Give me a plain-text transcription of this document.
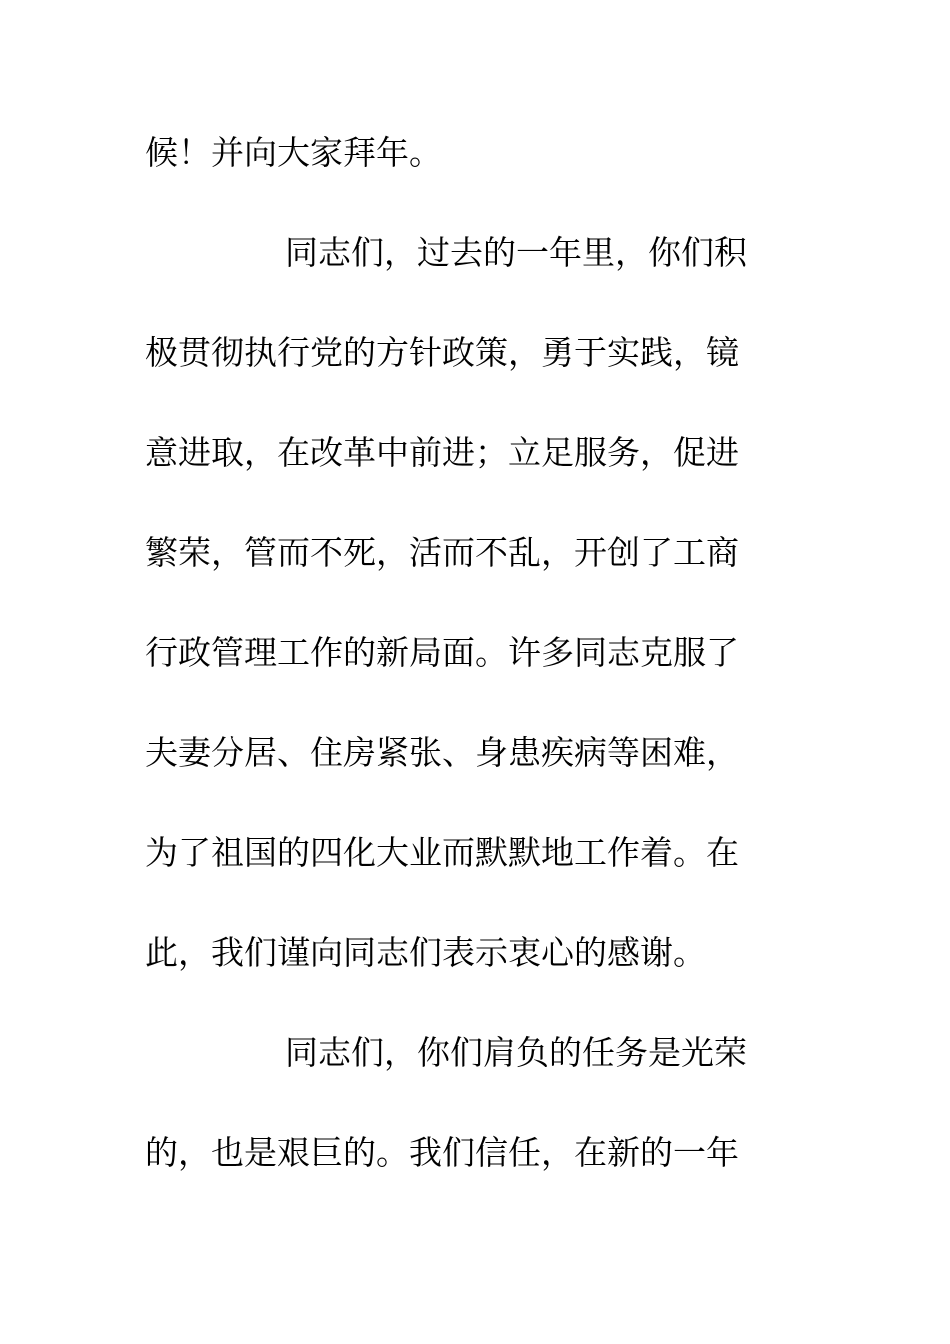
候！并向大家拜年。
同志们，过去的一年里，你们积
极贯彻执行党的方针政策，勇于实践，镜
意进取，在改革中前进；立足服务，促进
繁荣，管而不死，活而不乱，开创了工商
行政管理工作的新局面。许多同志克服了
夫妻分居、住房紧张、身患疾病等困难，
为了祖国的四化大业而默默地工作着。在
此，我们谨向同志们表示衷心的感谢。
同志们，你们肩负的任务是光荣
的，也是艰巨的。我们信任，在新的一年
